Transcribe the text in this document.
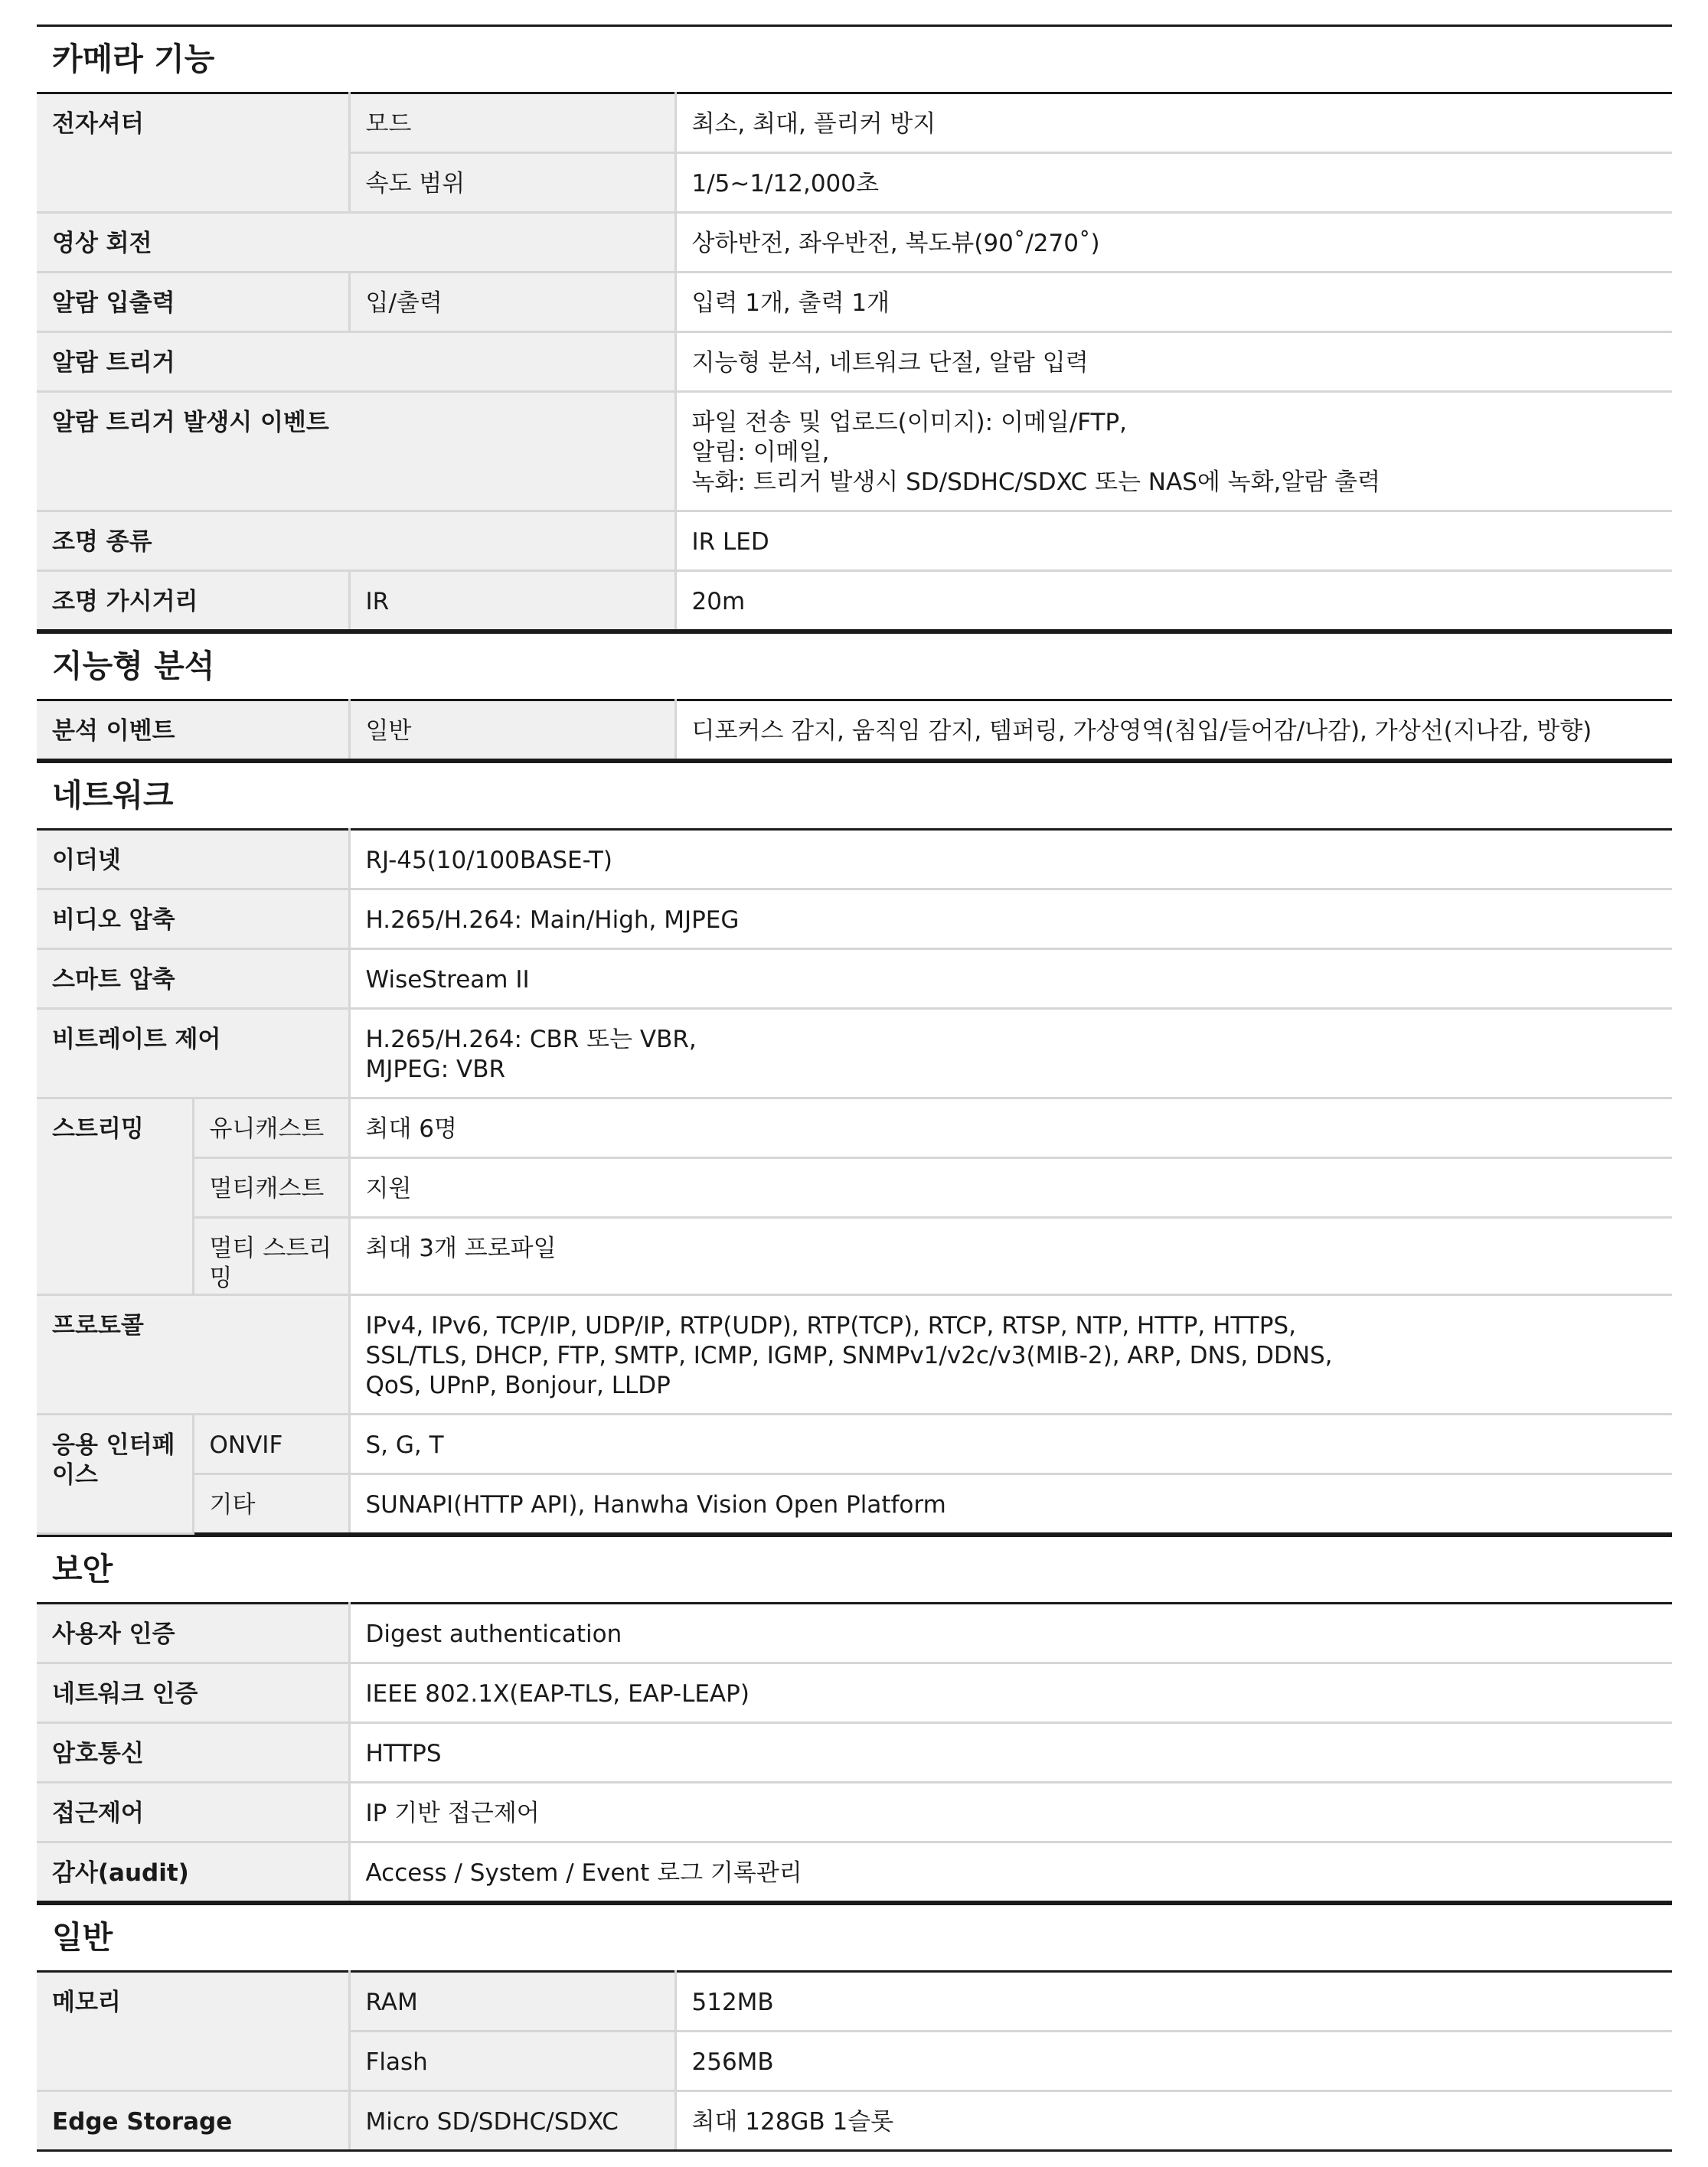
카메라 기능
전자셔터	모드	최소, 최대, 플리커 방지

	속도 범위	1/5~1/12,000초

영상 회전		상하반전, 좌우반전, 복도뷰(90˚/270˚)

알람 입출력	입/출력	입력 1개, 출력 1개

알람 트리거		지능형 분석, 네트워크 단절, 알람 입력

알람 트리거 발생시 이벤트		파일 전송 및 업로드(이미지): 이메일/FTP,
알림: 이메일,
녹화: 트리거 발생시 SD/SDHC/SDXC 또는 NAS에 녹화,알람 출력

조명 종류		IR LED

조명 가시거리	IR	20m
지능형 분석
분석 이벤트	일반	디포커스 감지, 움직임 감지, 템퍼링, 가상영역(침입/들어감/나감), 가상선(지나감, 방향)
네트워크
이더넷		RJ-45(10/100BASE-T)

비디오 압축		H.265/H.264: Main/High, MJPEG

스마트 압축		WiseStream II

비트레이트 제어		H.265/H.264: CBR 또는 VBR,
MJPEG: VBR

스트리밍	유니캐스트	최대 6명

	멀티캐스트	지원

	멀티 스트리밍	최대 3개 프로파일

프로토콜		IPv4, IPv6, TCP/IP, UDP/IP, RTP(UDP), RTP(TCP), RTCP, RTSP, NTP, HTTP, HTTPS,
SSL/TLS, DHCP, FTP, SMTP, ICMP, IGMP, SNMPv1/v2c/v3(MIB-2), ARP, DNS, DDNS,
QoS, UPnP, Bonjour, LLDP

응용 인터페이스	ONVIF	S, G, T

	기타	SUNAPI(HTTP API), Hanwha Vision Open Platform
보안
사용자 인증	Digest authentication

네트워크 인증	IEEE 802.1X(EAP-TLS, EAP-LEAP)

암호통신	HTTPS

접근제어	IP 기반 접근제어

감사(audit)	Access / System / Event 로그 기록관리
일반
메모리	RAM	512MB

	Flash	256MB

Edge Storage	Micro SD/SDHC/SDXC	최대 128GB 1슬롯
